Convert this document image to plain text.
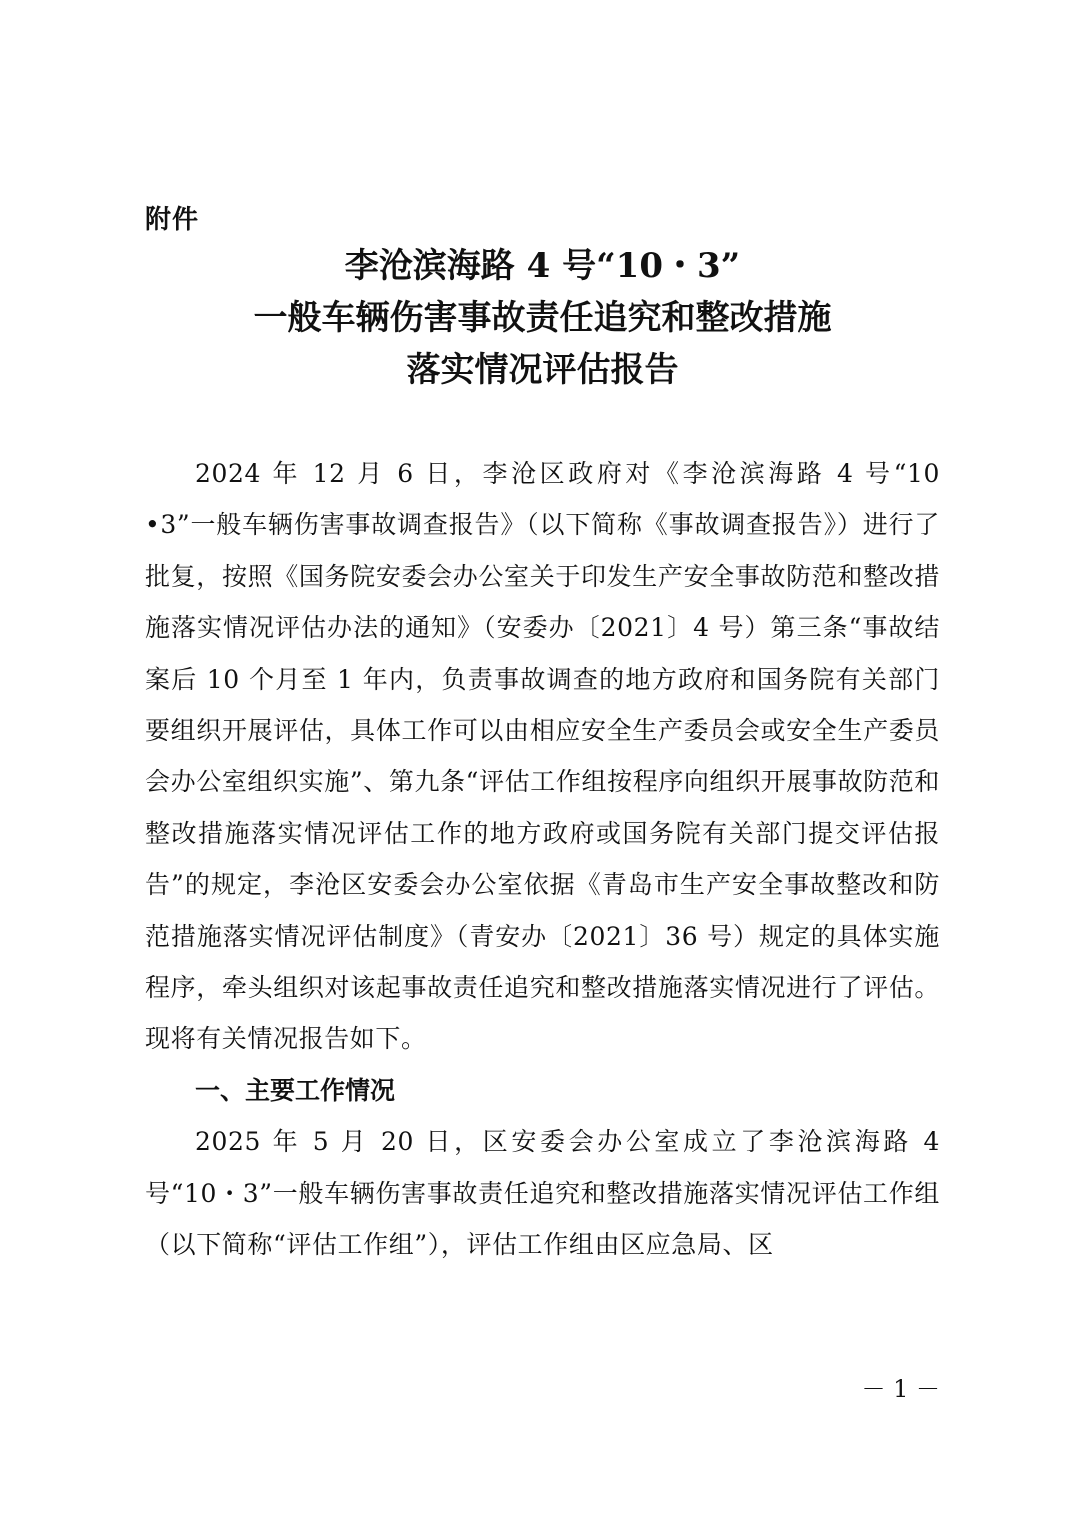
附件
李沧滨海路 4 号“10・3”
一般车辆伤害事故责任追究和整改措施
落实情况评估报告

2024 年 12 月 6 日，李沧区政府对《李沧滨海路 4 号“10 •3”一般车辆伤害事故调查报告》（以下简称《事故调查报告》）进行了批复，按照《国务院安委会办公室关于印发生产安全事故防范和整改措施落实情况评估办法的通知》（安委办〔2021〕4 号）第三条“事故结案后 10 个月至 1 年内，负责事故调查的地方政府和国务院有关部门要组织开展评估，具体工作可以由相应安全生产委员会或安全生产委员会办公室组织实施”、第九条“评估工作组按程序向组织开展事故防范和整改措施落实情况评估工作的地方政府或国务院有关部门提交评估报告”的规定，李沧区安委会办公室依据《青岛市生产安全事故整改和防范措施落实情况评估制度》（青安办〔2021〕36 号）规定的具体实施程序，牵头组织对该起事故责任追究和整改措施落实情况进行了评估。现将有关情况报告如下。

一、主要工作情况

2025 年 5 月 20 日，区安委会办公室成立了李沧滨海路 4 号“10・3”一般车辆伤害事故责任追究和整改措施落实情况评估工作组（以下简称“评估工作组”），评估工作组由区应急局、区

－ 1 －
